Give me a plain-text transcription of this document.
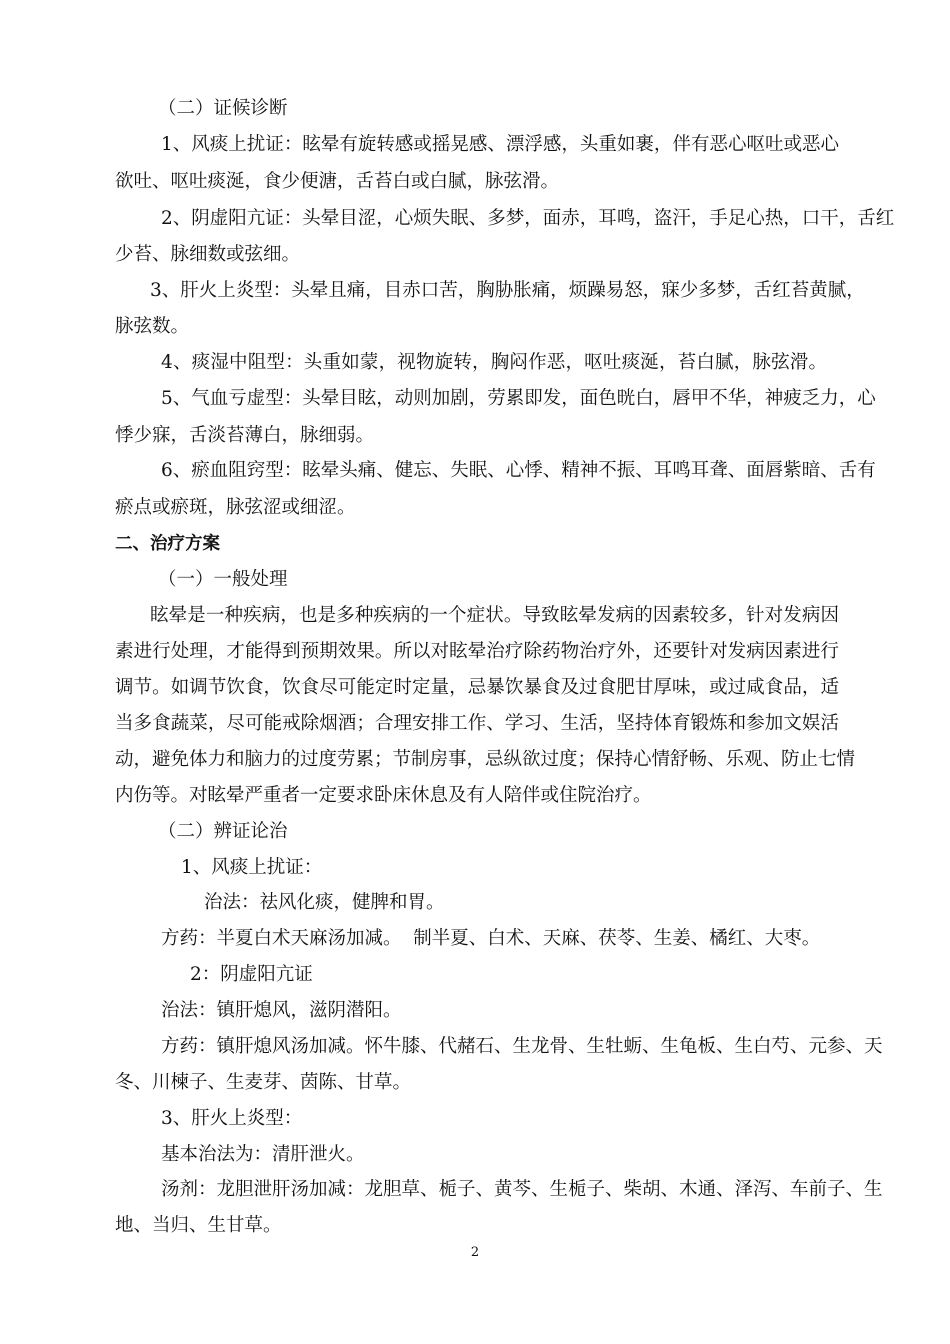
（二）证候诊断
1、风痰上扰证：眩晕有旋转感或摇晃感、漂浮感，头重如裹，伴有恶心呕吐或恶心
欲吐、呕吐痰涎，食少便溏，舌苔白或白腻，脉弦滑。
2、阴虚阳亢证：头晕目涩，心烦失眠、多梦，面赤，耳鸣，盗汗，手足心热，口干，舌红
少苔、脉细数或弦细。
3、肝火上炎型：头晕且痛，目赤口苦，胸胁胀痛，烦躁易怒，寐少多梦，舌红苔黄腻，
脉弦数。
4、痰湿中阻型：头重如蒙，视物旋转，胸闷作恶，呕吐痰涎，苔白腻，脉弦滑。
5、气血亏虚型：头晕目眩，动则加剧，劳累即发，面色晄白，唇甲不华，神疲乏力，心
悸少寐，舌淡苔薄白，脉细弱。
6、瘀血阻窍型：眩晕头痛、健忘、失眠、心悸、精神不振、耳鸣耳聋、面唇紫暗、舌有
瘀点或瘀斑，脉弦涩或细涩。
二、治疗方案
（一）一般处理
眩晕是一种疾病，也是多种疾病的一个症状。导致眩晕发病的因素较多，针对发病因
素进行处理，才能得到预期效果。所以对眩晕治疗除药物治疗外，还要针对发病因素进行
调节。如调节饮食，饮食尽可能定时定量，忌暴饮暴食及过食肥甘厚味，或过咸食品，适
当多食蔬菜，尽可能戒除烟酒；合理安排工作、学习、生活，坚持体育锻炼和参加文娱活
动，避免体力和脑力的过度劳累；节制房事，忌纵欲过度；保持心情舒畅、乐观、防止七情
内伤等。对眩晕严重者一定要求卧床休息及有人陪伴或住院治疗。
（二）辨证论治
1、风痰上扰证：
治法：祛风化痰，健脾和胃。
方药：半夏白术天麻汤加减。  制半夏、白术、天麻、茯苓、生姜、橘红、大枣。
2：阴虚阳亢证
治法：镇肝熄风，滋阴潜阳。
方药：镇肝熄风汤加减。怀牛膝、代赭石、生龙骨、生牡蛎、生龟板、生白芍、元参、天
冬、川楝子、生麦芽、茵陈、甘草。
3、肝火上炎型：
基本治法为：清肝泄火。
汤剂：龙胆泄肝汤加减：龙胆草、栀子、黄芩、生栀子、柴胡、木通、泽泻、车前子、生
地、当归、生甘草。
2
